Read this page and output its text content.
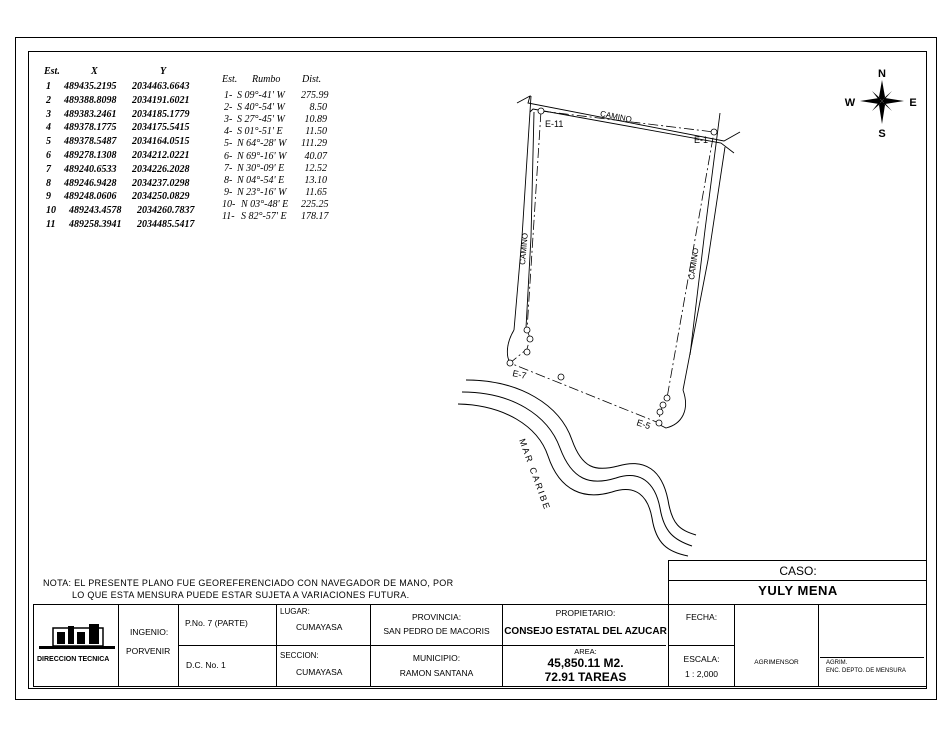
Est.	X	Y
1 489435.2195 2034463.6643
2 489388.8098 2034191.6021
3 489383.2461 2034185.1779
4 489378.1775 2034175.5415
5 489378.5487 2034164.0515
6 489278.1308 2034212.0221
7 489240.6533 2034226.2028
8 489246.9428 2034237.0298
9 489248.0606 2034250.0829
10 489243.4578 2034260.7837
11 489258.3941 2034485.5417
Est. Rumbo Dist.
1- S 09°-41' W 275.99
2- S 40°-54' W	8.50
3- S 27°-45' W	10.89
4- S 01°-51' E	11.50
5- N 64°-28' W 111.29
6- N 69°-16' W	40.07
7- N 30°-09' E	12.52
8- N 04°-54' E	13.10
9- N 23°-16' W	11.65
10- N 03°-48' E 225.25
11- S 82°-57' E 178.17
N
S
W	E
CAMINO
CAMINO	CAMINO
E-11
E-1
E-7
E-5
MAR CARIBE
NOTA: EL PRESENTE PLANO FUE GEOREFERENCIADO CON NAVEGADOR DE MANO, POR
LO QUE ESTA MENSURA PUEDE ESTAR SUJETA A VARIACIONES FUTURA.
CASO:
YULY MENA
DIRECCION TECNICA
INGENIO:
PORVENIR
P.No. 7 (PARTE)
D.C. No. 1
LUGAR:
CUMAYASA
SECCION:
CUMAYASA
PROVINCIA:
SAN PEDRO DE MACORIS
MUNICIPIO:
RAMON SANTANA
PROPIETARIO:
CONSEJO ESTATAL DEL AZUCAR
AREA:
45,850.11 M2.
72.91 TAREAS
FECHA:
ESCALA:
1 : 2,000
AGRIMENSOR	AGRIM.
ENC. DEPTO. DE MENSURA
